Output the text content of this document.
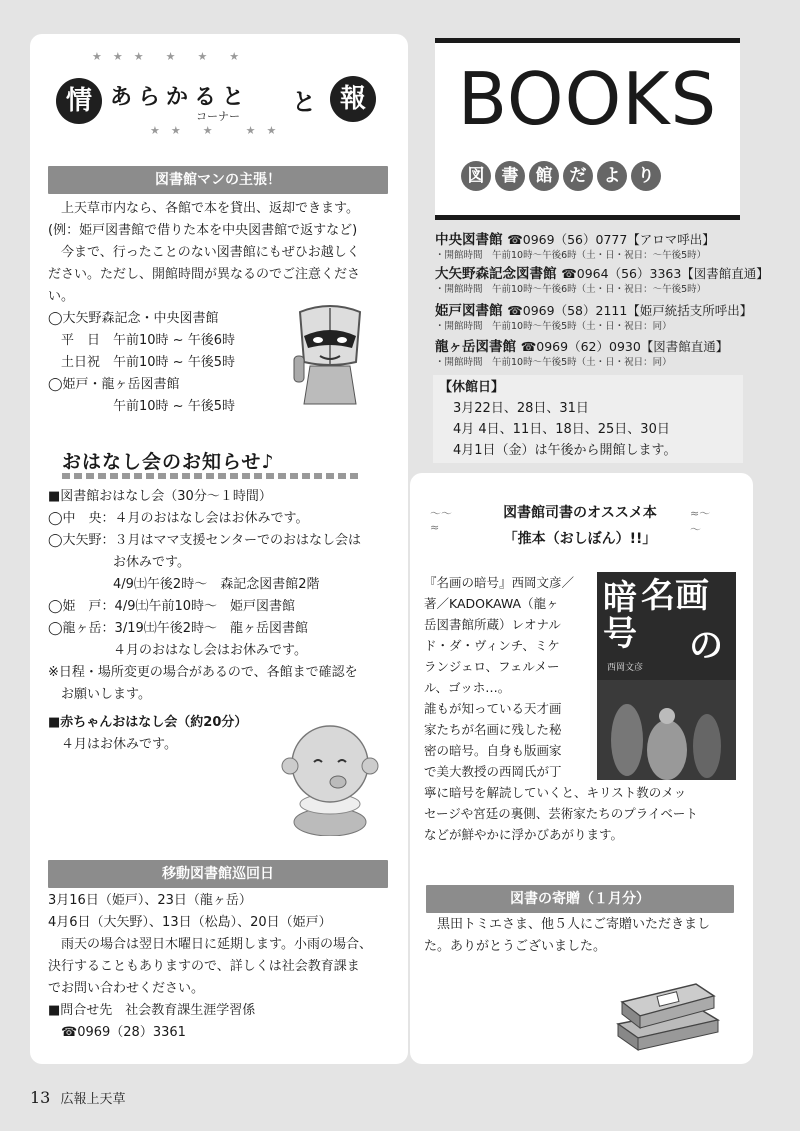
★　★　★　　★　　★　　★
★　★　　★　　　★　★
情 あらかると と 報
コーナー
図書館マンの主張！
　上天草市内なら、各館で本を貸出、返却できます。
(例：姫戸図書館で借りた本を中央図書館で返すなど)
　今まで、行ったことのない図書館にもぜひお越しく
ださい。ただし、開館時間が異なるのでご注意くださ
い。
◯大矢野森記念・中央図書館
　平　日　午前10時 ~ 午後6時
　土日祝　午前10時 ~ 午後5時
◯姫戸・龍ヶ岳図書館
　　　　　午前10時 ~ 午後5時
おはなし会のお知らせ♪
■図書館おはなし会（30分～１時間）
◯中　央：４月のおはなし会はお休みです。
◯大矢野：３月はママ支援センターでのおはなし会は
　　　　　お休みです。
　　　　　4/9㈯午後2時～　森記念図書館2階
◯姫　戸：4/9㈯午前10時～　姫戸図書館
◯龍ヶ岳：3/19㈯午後2時～　龍ヶ岳図書館
　　　　　４月のおはなし会はお休みです。
※日程・場所変更の場合があるので、各館まで確認を
　お願いします。
■赤ちゃんおはなし会（約20分）
　４月はお休みです。
移動図書館巡回日
3月16日（姫戸）、23日（龍ヶ岳）
4月6日（大矢野）、13日（松島）、20日（姫戸）
　雨天の場合は翌日木曜日に延期します。小雨の場合、
決行することもありますので、詳しくは社会教育課ま
でお問い合わせください。
■問合せ先　社会教育課生涯学習係
　☎0969（28）3361
BOOKS
図	書	館	だ	よ	り
中央図書館 ☎0969（56）0777【アロマ呼出】
・開館時間　午前10時～午後6時（土・日・祝日：～午後5時）
大矢野森記念図書館 ☎0964（56）3363【図書館直通】
・開館時間　午前10時～午後6時（土・日・祝日：～午後5時）
姫戸図書館 ☎0969（58）2111【姫戸統括支所呼出】
・開館時間　午前10時～午後5時（土・日・祝日：同）
龍ヶ岳図書館 ☎0969（62）0930【図書館直通】
・開館時間　午前10時～午後5時（土・日・祝日：同）
【休館日】
3月22日、28日、31日
4月 4日、11日、18日、25日、30日
4月1日（金）は午後から開館します。
～～≈
≈～～
図書館司書のオススメ本
「推本（おしぼん）!!」
『名画の暗号』西岡文彦／
著／KADOKAWA（龍ヶ
岳図書館所蔵）レオナル
ド・ダ・ヴィンチ、ミケ
ランジェロ、フェルメー
ル、ゴッホ…。
誰もが知っている天才画
家たちが名画に残した秘
密の暗号。自身も版画家
で美大教授の西岡氏が丁
寧に暗号を解読していくと、キリスト教のメッ
セージや宮廷の裏側、芸術家たちのプライベート
などが鮮やかに浮かびあがります。
名画
暗
号 の
西岡文彦
図書の寄贈（１月分）
　黒田トミエさま、他５人にご寄贈いただきまし
た。ありがとうございました。
13 広報上天草
